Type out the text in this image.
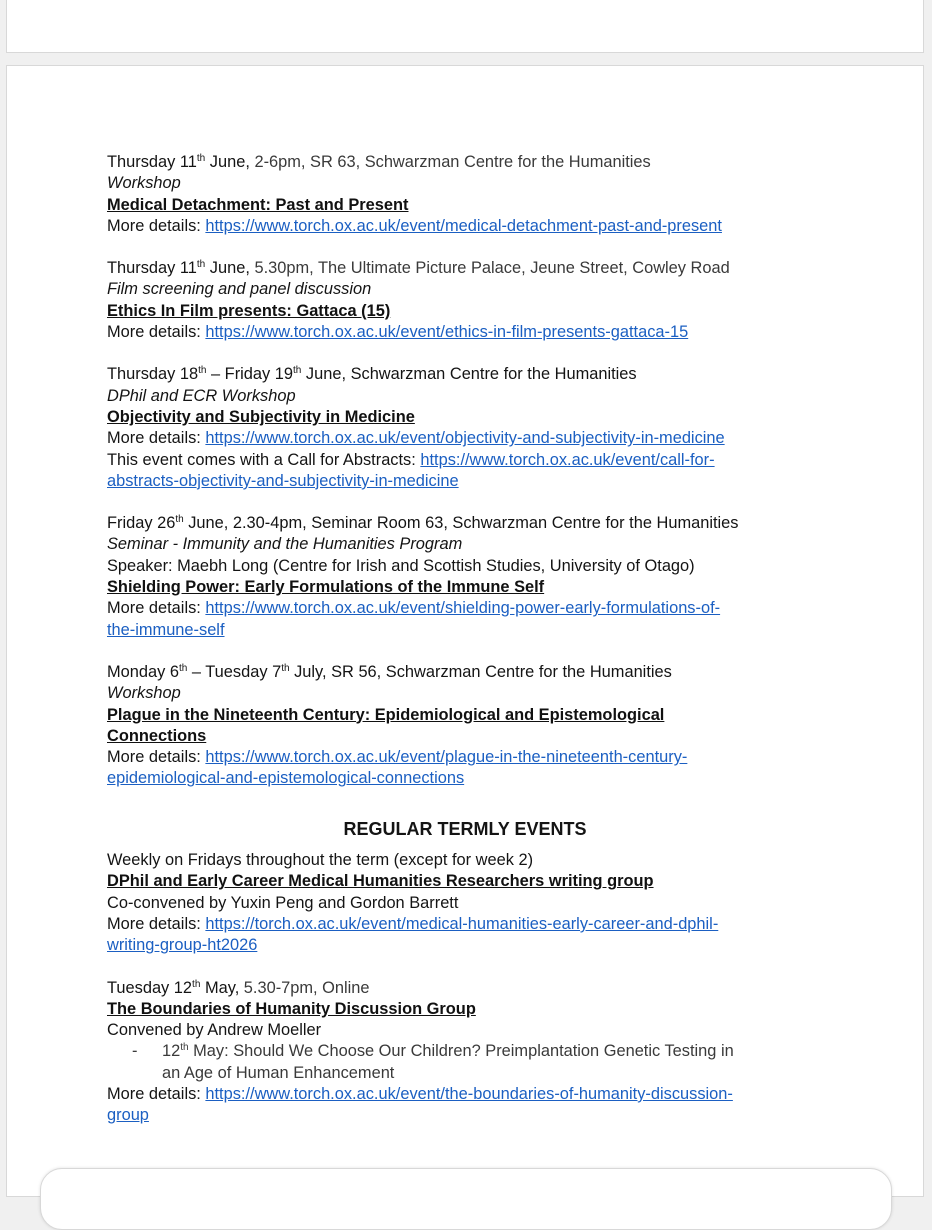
Thursday 11th June, 2-6pm, SR 63, Schwarzman Centre for the Humanities
Workshop
Medical Detachment: Past and Present
More details: https://www.torch.ox.ac.uk/event/medical-detachment-past-and-present
Thursday 11th June, 5.30pm, The Ultimate Picture Palace, Jeune Street, Cowley Road
Film screening and panel discussion
Ethics In Film presents: Gattaca (15)
More details: https://www.torch.ox.ac.uk/event/ethics-in-film-presents-gattaca-15
Thursday 18th – Friday 19th June, Schwarzman Centre for the Humanities
DPhil and ECR Workshop
Objectivity and Subjectivity in Medicine
More details: https://www.torch.ox.ac.uk/event/objectivity-and-subjectivity-in-medicine
This event comes with a Call for Abstracts: https://www.torch.ox.ac.uk/event/call-for-
abstracts-objectivity-and-subjectivity-in-medicine
Friday 26th June, 2.30-4pm, Seminar Room 63, Schwarzman Centre for the Humanities
Seminar - Immunity and the Humanities Program
Speaker: Maebh Long (Centre for Irish and Scottish Studies, University of Otago)
Shielding Power: Early Formulations of the Immune Self
More details: https://www.torch.ox.ac.uk/event/shielding-power-early-formulations-of-
the-immune-self
Monday 6th – Tuesday 7th July, SR 56, Schwarzman Centre for the Humanities
Workshop
Plague in the Nineteenth Century: Epidemiological and Epistemological
Connections
More details: https://www.torch.ox.ac.uk/event/plague-in-the-nineteenth-century-
epidemiological-and-epistemological-connections
REGULAR TERMLY EVENTS
Weekly on Fridays throughout the term (except for week 2)
DPhil and Early Career Medical Humanities Researchers writing group
Co-convened by Yuxin Peng and Gordon Barrett
More details: https://torch.ox.ac.uk/event/medical-humanities-early-career-and-dphil-
writing-group-ht2026
Tuesday 12th May, 5.30-7pm, Online
The Boundaries of Humanity Discussion Group
Convened by Andrew Moeller
-	12th May: Should We Choose Our Children? Preimplantation Genetic Testing in
an Age of Human Enhancement
More details: https://www.torch.ox.ac.uk/event/the-boundaries-of-humanity-discussion-
group
